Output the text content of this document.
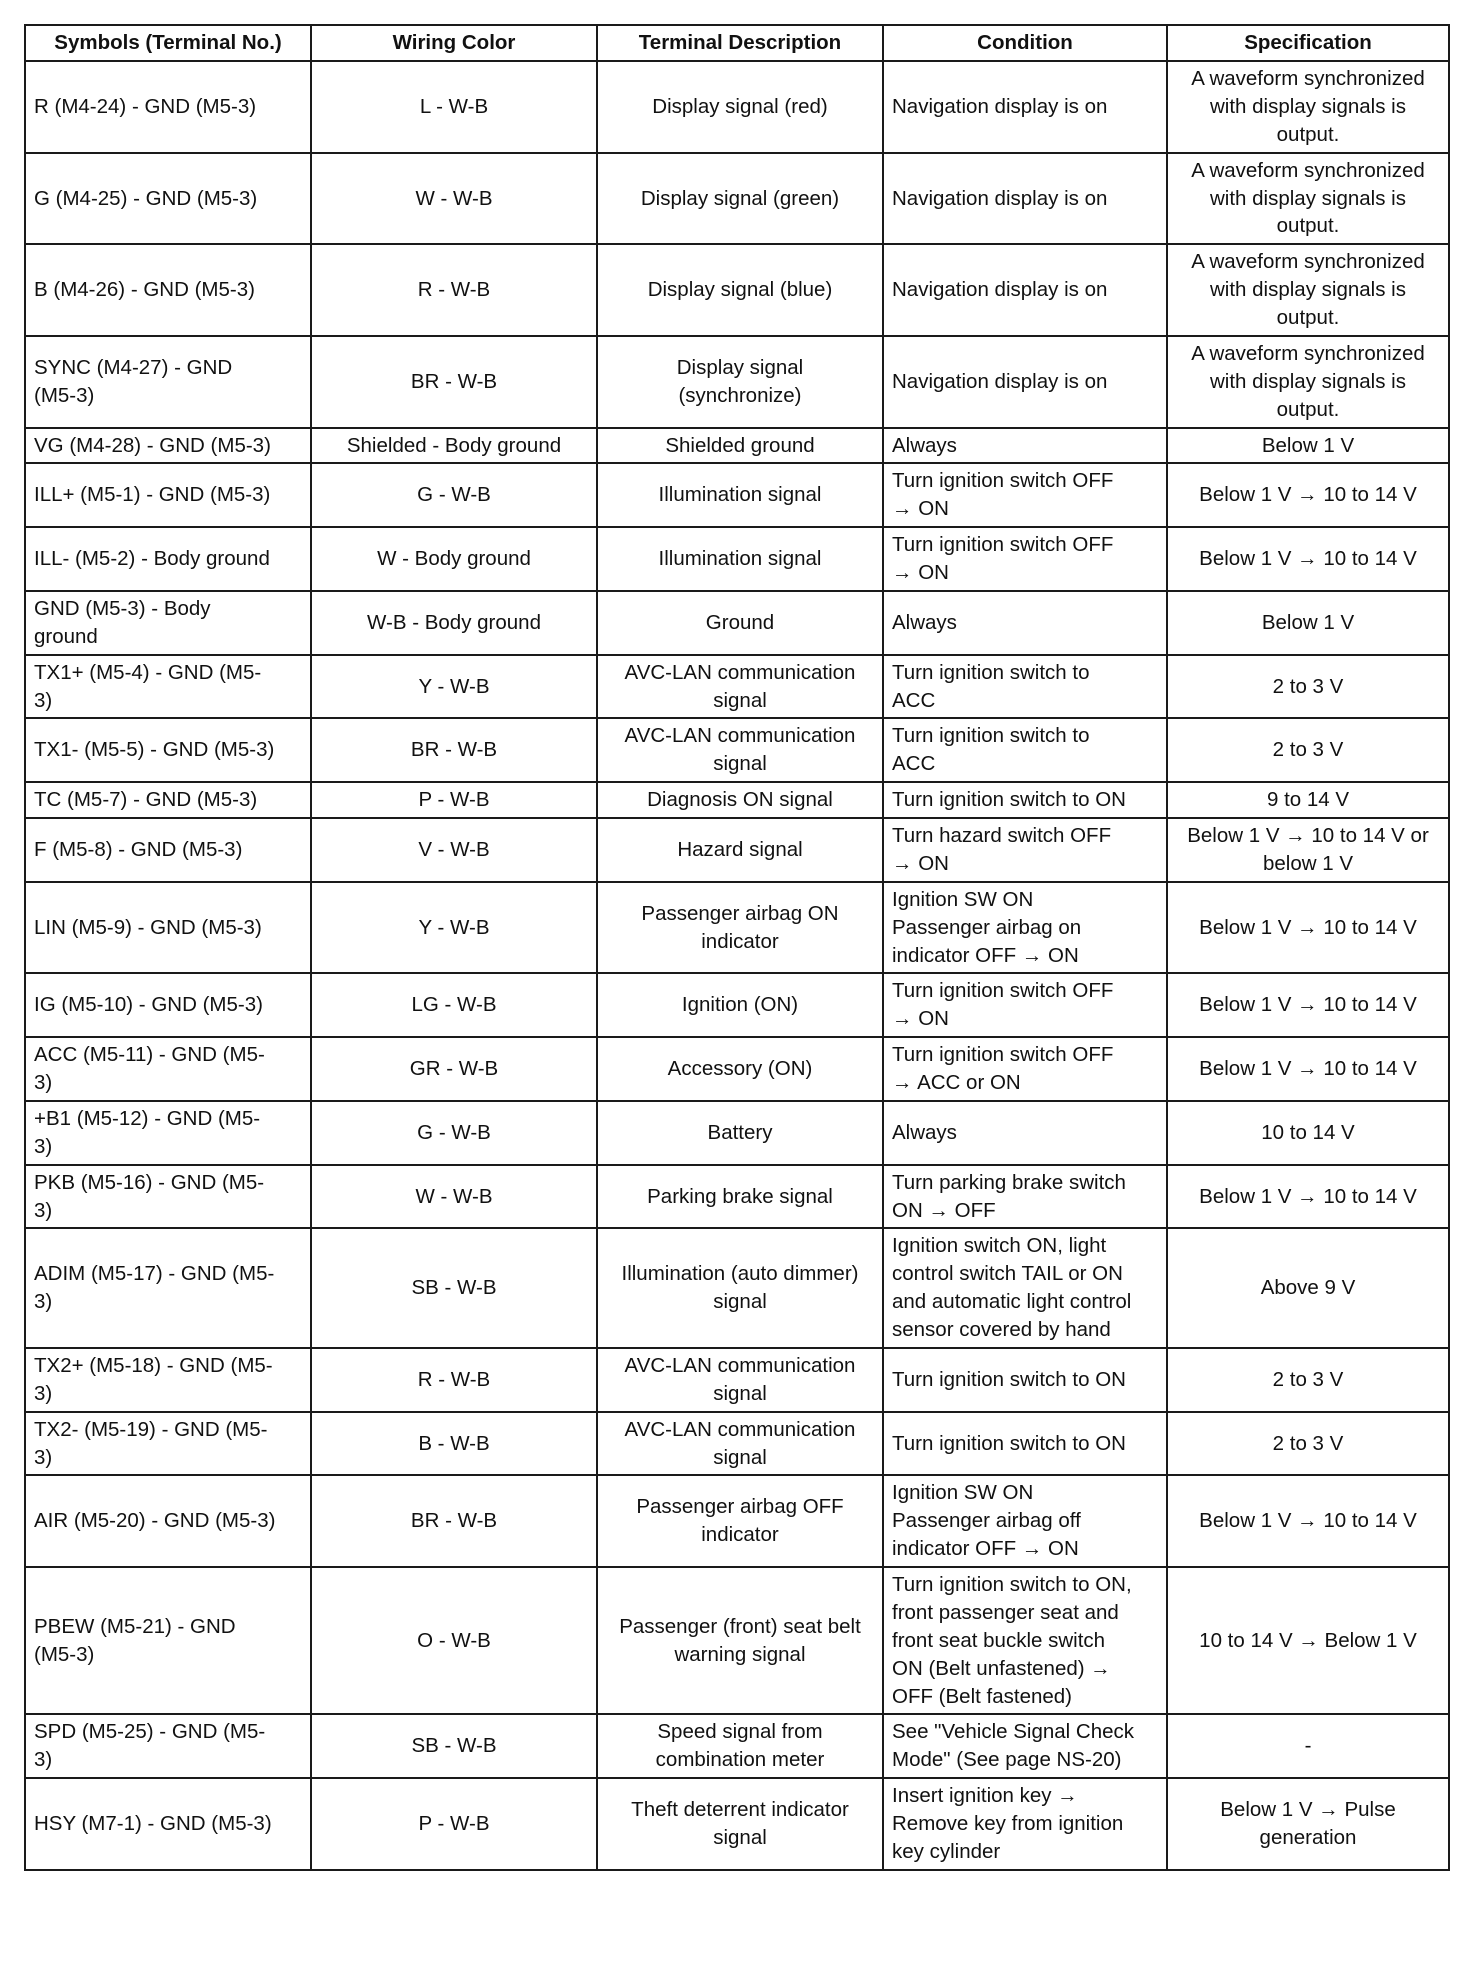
Symbols (Terminal No.)	Wiring Color	Terminal Description	Condition	Specification
R (M4-24) - GND (M5-3)	L - W-B	Display signal (red)	Navigation display is on	A waveform synchronized
with display signals is
output.
G (M4-25) - GND (M5-3)	W - W-B	Display signal (green)	Navigation display is on	A waveform synchronized
with display signals is
output.
B (M4-26) - GND (M5-3)	R - W-B	Display signal (blue)	Navigation display is on	A waveform synchronized
with display signals is
output.
SYNC (M4-27) - GND
(M5-3)	BR - W-B	Display signal
(synchronize)	Navigation display is on	A waveform synchronized
with display signals is
output.
VG (M4-28) - GND (M5-3)	Shielded - Body ground	Shielded ground	Always	Below 1 V
ILL+ (M5-1) - GND (M5-3)	G - W-B	Illumination signal	Turn ignition switch OFF
→ ON	Below 1 V → 10 to 14 V
ILL- (M5-2) - Body ground	W - Body ground	Illumination signal	Turn ignition switch OFF
→ ON	Below 1 V → 10 to 14 V
GND (M5-3) - Body
ground	W-B - Body ground	Ground	Always	Below 1 V
TX1+ (M5-4) - GND (M5-
3)	Y - W-B	AVC-LAN communication
signal	Turn ignition switch to
ACC	2 to 3 V
TX1- (M5-5) - GND (M5-3)	BR - W-B	AVC-LAN communication
signal	Turn ignition switch to
ACC	2 to 3 V
TC (M5-7) - GND (M5-3)	P - W-B	Diagnosis ON signal	Turn ignition switch to ON	9 to 14 V
F (M5-8) - GND (M5-3)	V - W-B	Hazard signal	Turn hazard switch OFF
→ ON	Below 1 V → 10 to 14 V or
below 1 V
LIN (M5-9) - GND (M5-3)	Y - W-B	Passenger airbag ON
indicator	Ignition SW ON
Passenger airbag on
indicator OFF → ON	Below 1 V → 10 to 14 V
IG (M5-10) - GND (M5-3)	LG - W-B	Ignition (ON)	Turn ignition switch OFF
→ ON	Below 1 V → 10 to 14 V
ACC (M5-11) - GND (M5-
3)	GR - W-B	Accessory (ON)	Turn ignition switch OFF
→ ACC or ON	Below 1 V → 10 to 14 V
+B1 (M5-12) - GND (M5-
3)	G - W-B	Battery	Always	10 to 14 V
PKB (M5-16) - GND (M5-
3)	W - W-B	Parking brake signal	Turn parking brake switch
ON → OFF	Below 1 V → 10 to 14 V
ADIM (M5-17) - GND (M5-
3)	SB - W-B	Illumination (auto dimmer)
signal	Ignition switch ON, light
control switch TAIL or ON
and automatic light control
sensor covered by hand	Above 9 V
TX2+ (M5-18) - GND (M5-
3)	R - W-B	AVC-LAN communication
signal	Turn ignition switch to ON	2 to 3 V
TX2- (M5-19) - GND (M5-
3)	B - W-B	AVC-LAN communication
signal	Turn ignition switch to ON	2 to 3 V
AIR (M5-20) - GND (M5-3)	BR - W-B	Passenger airbag OFF
indicator	Ignition SW ON
Passenger airbag off
indicator OFF → ON	Below 1 V → 10 to 14 V
PBEW (M5-21) - GND
(M5-3)	O - W-B	Passenger (front) seat belt
warning signal	Turn ignition switch to ON,
front passenger seat and
front seat buckle switch
ON (Belt unfastened) →
OFF (Belt fastened)	10 to 14 V → Below 1 V
SPD (M5-25) - GND (M5-
3)	SB - W-B	Speed signal from
combination meter	See "Vehicle Signal Check
Mode" (See page NS-20)	-
HSY (M7-1) - GND (M5-3)	P - W-B	Theft deterrent indicator
signal	Insert ignition key →
Remove key from ignition
key cylinder	Below 1 V → Pulse
generation
